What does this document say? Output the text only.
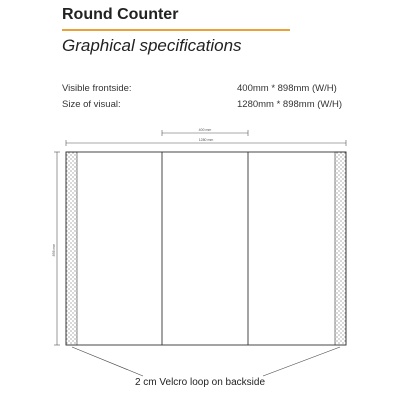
Round Counter
Graphical specifications
Visible frontside:	400mm * 898mm (W/H)
Size of visual:	1280mm * 898mm (W/H)
400 mm
1280 mm
898 mm
2 cm Velcro loop on backside
